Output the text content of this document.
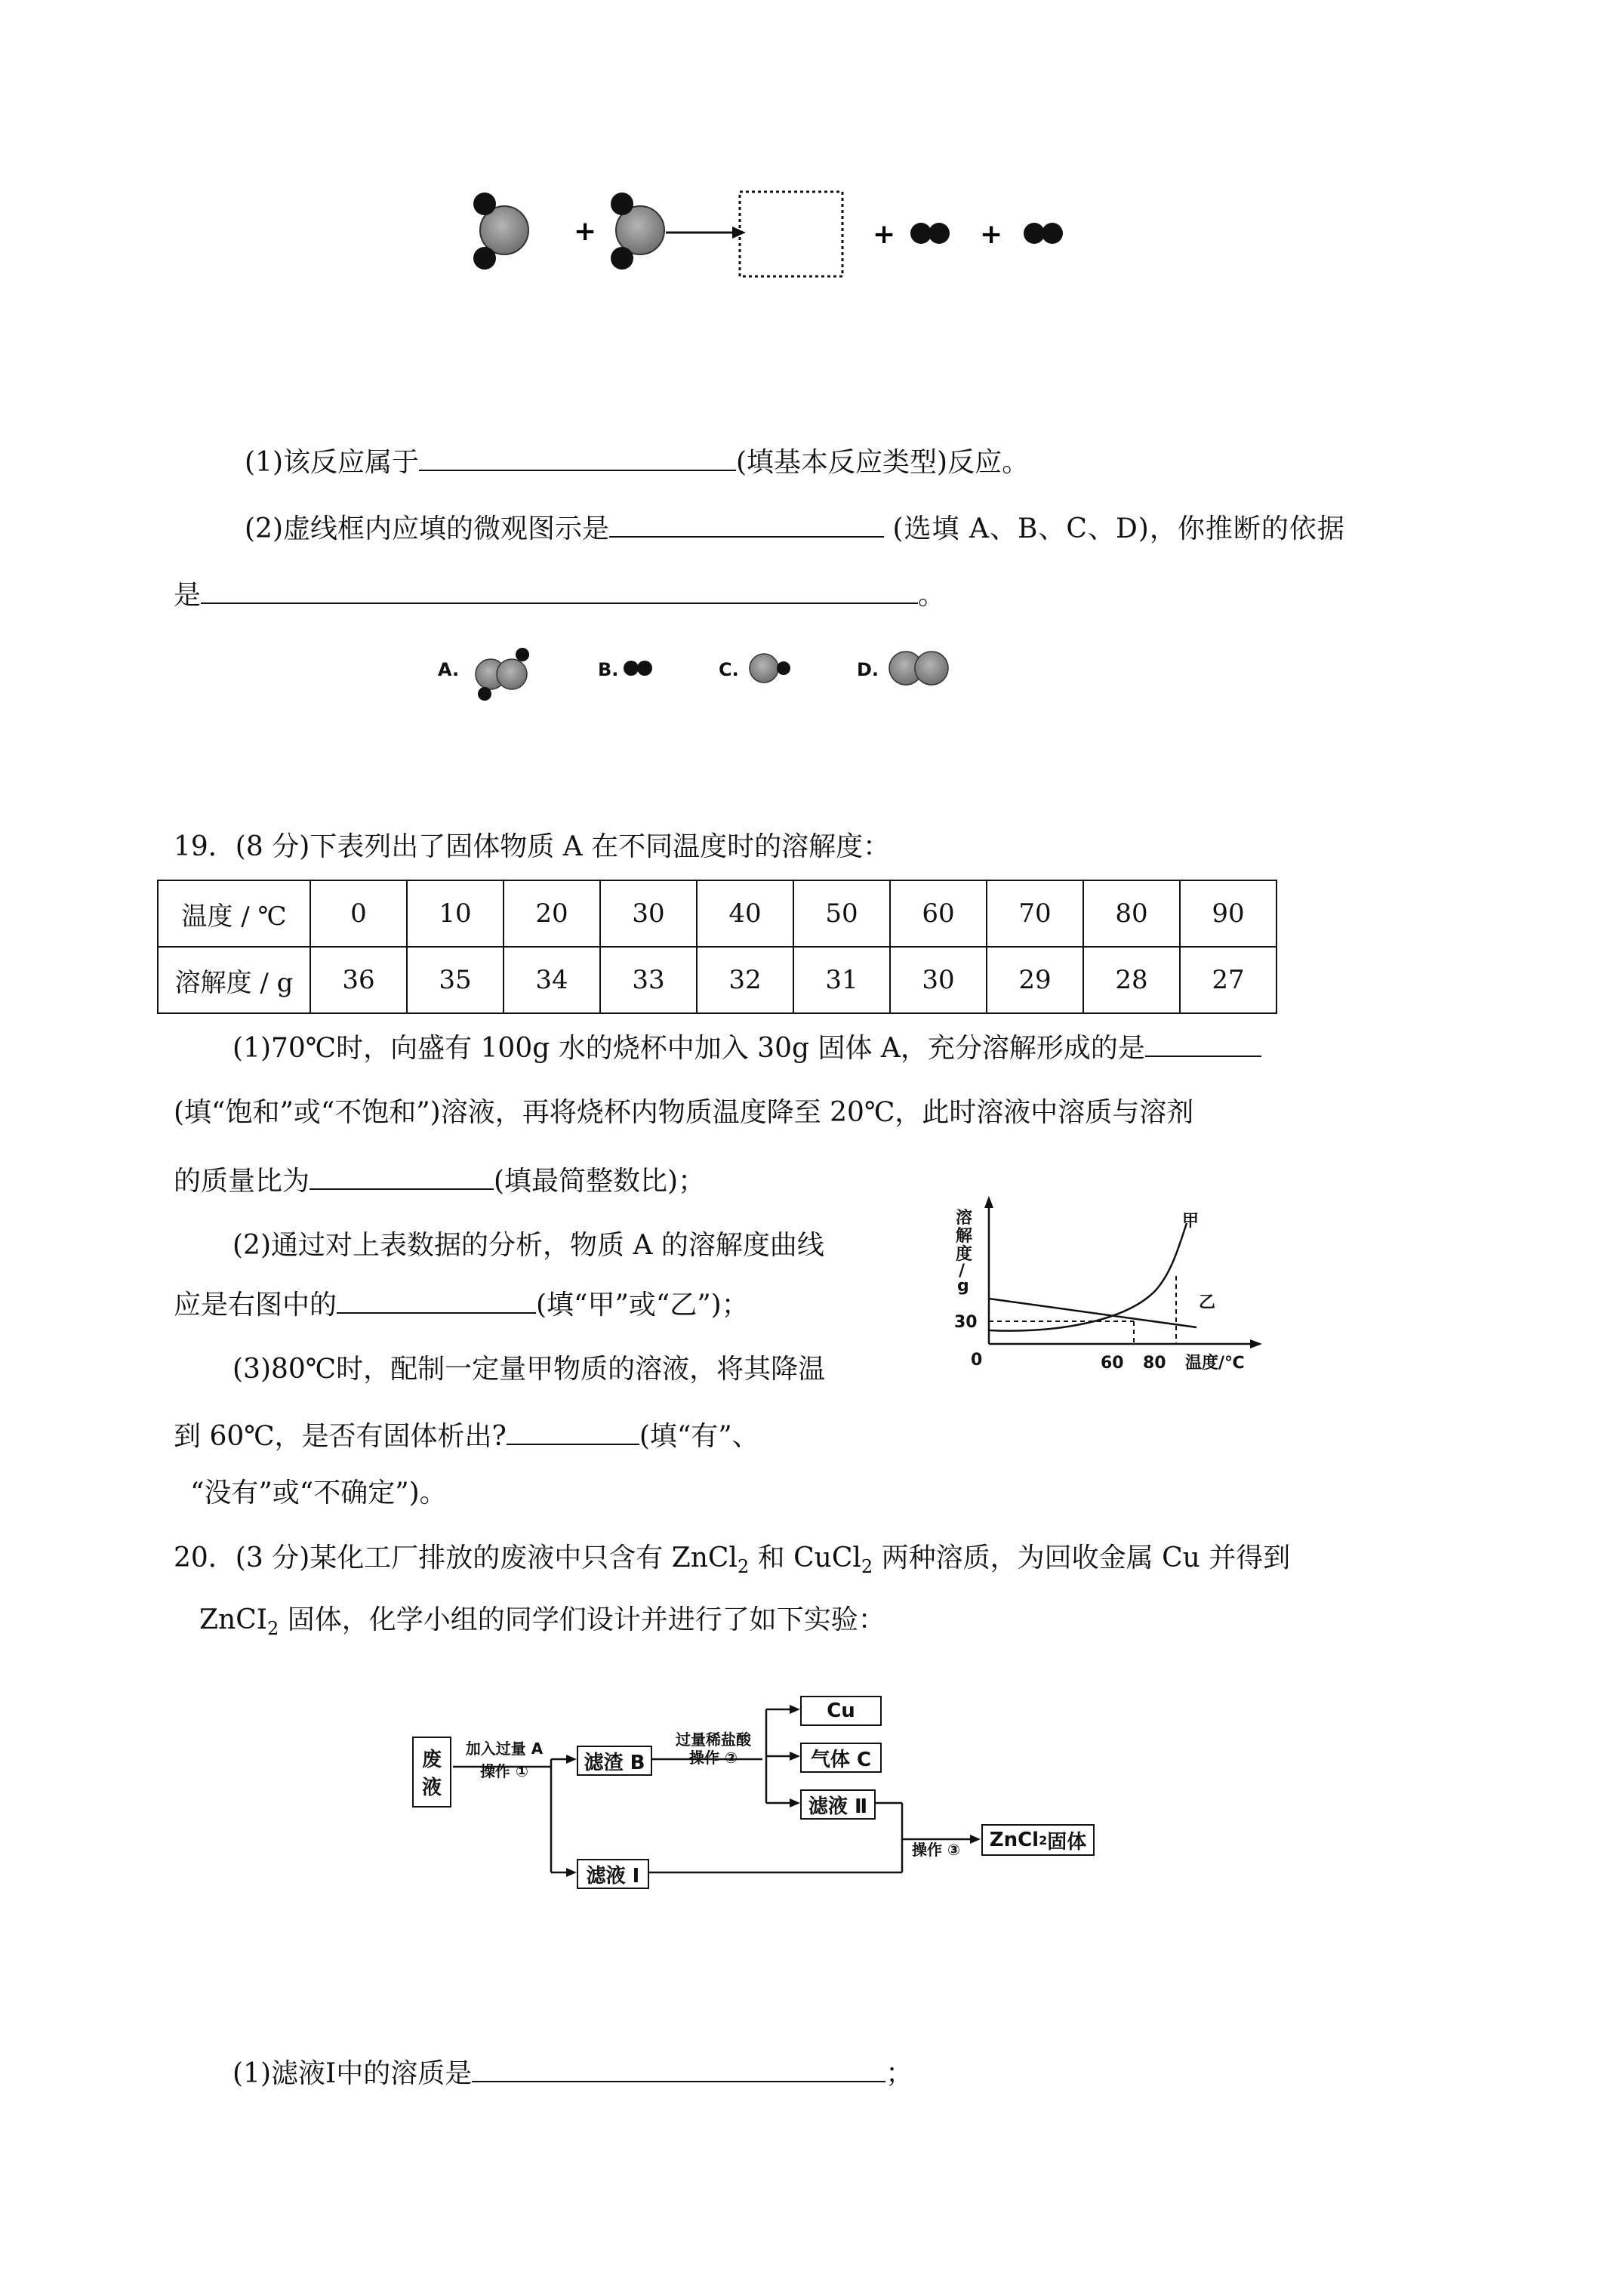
+	+	+
(1)该反应属于	(填基本反应类型)反应。
(2)虚线框内应填的微观图示是	(选填 A、B、C、D)，你推断的依据
是	。
A.	B.	C.	D.
19．(8 分)下表列出了固体物质 A 在不同温度时的溶解度：
温度 / ℃	0	10	20	30	40	50	60	70	80	90
溶解度 / g	36	35	34	33	32	31	30	29	28	27
(1)70℃时，向盛有 100g 水的烧杯中加入 30g 固体 A，充分溶解形成的是
(填“饱和”或“不饱和”)溶液，再将烧杯内物质温度降至 20℃，此时溶液中溶质与溶剂
的质量比为	(填最简整数比)；
(2)通过对上表数据的分析，物质 A 的溶解度曲线
应是右图中的	(填“甲”或“乙”)；
(3)80℃时，配制一定量甲物质的溶液，将其降温
到 60℃，是否有固体析出?	(填“有”、
“没有”或“不确定”)。
溶
解
度
/
g
30
0	60 80 温度/℃
甲
乙
20．(3 分)某化工厂排放的废液中只含有 ZnCl$_2$ 和 CuCl$_2$ 两种溶质，为回收金属 Cu 并得到
ZnCI$_2$ 固体，化学小组的同学们设计并进行了如下实验：
废
液
加入过量 A
操作 ①	滤渣 B
过量稀盐酸
操作 ②
Cu
气体 C
滤液 Ⅱ
滤液 Ⅰ
操作 ③	ZnCl 2 固体
(1)滤液Ⅰ中的溶质是	；
